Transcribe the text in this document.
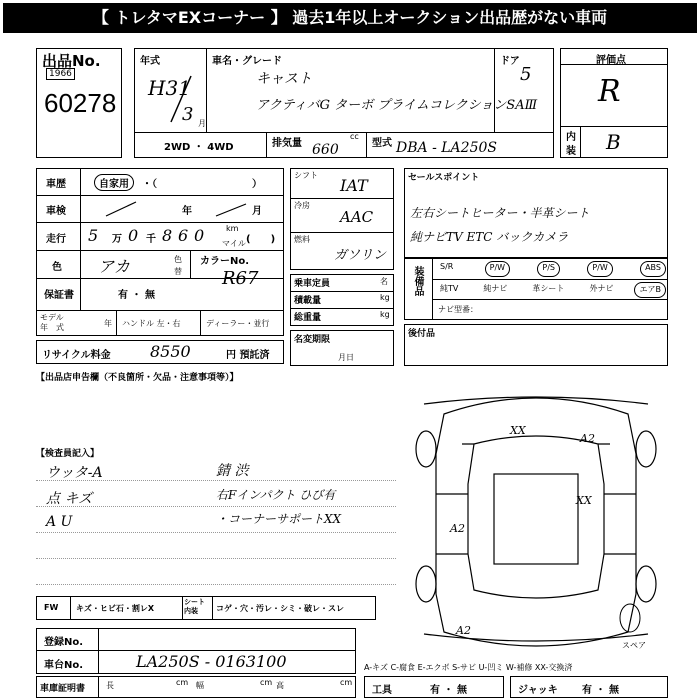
【 トレタマEXコーナー 】 過去1年以上オークション出品歴がない車両
出品No.
1966
60278
年式
H31
3 月
車名・グレード
キャスト
アクティバG ターボ プライムコレクションSAⅢ
ドア
5
2WD ・ 4WD	排気量
cc
660	型式 DBA - LA250S
評価点
R
内
装 B
車歴	自家用	・（	）
車検	年	月
走行 5 万 0 千 8 6 0	km
マイル (　　)
色 アカ	色
替
カラーNo.
R67
保証書	有 ・ 無
モデル
年　式	年 ハンドル 左・右	ディーラー・並行
リサイクル料金 8550	円 預託済
シフト
IAT
冷房
AAC
燃料
ガソリン
乗車定員	名
積載量	kg
総重量	kg
名変期限
月日
セールスポイント
左右シートヒーター・半革シート
純ナビTV ETC バックカメラ
装備品	S/R	P/W	P/S	P/W	ABS
純TV	純ナビ	革シート	外ナビ	エアB
ナビ型番：
後付品
【出品店申告欄（不良箇所・欠品・注意事項等）】
【検査員記入】
ウッタ-A
点 キズ
A U
錆 渋
右Fインパクト ひび有
・コーナーサポートXX
FW キズ・ヒビ石・割レX
シート内装	コゲ・穴・汚レ・シミ・破レ・スレ
登録No.
車台No.	LA250S - 0163100
車庫証明書	長	cm 幅	cm 高	cm
A-キズ C-腐食 E-エクボ S-サビ U-凹ミ W-補修 XX-交換済
工具	有 ・ 無	ジャッキ 有 ・ 無
XX
A2
XX
A2
A2
スペア
